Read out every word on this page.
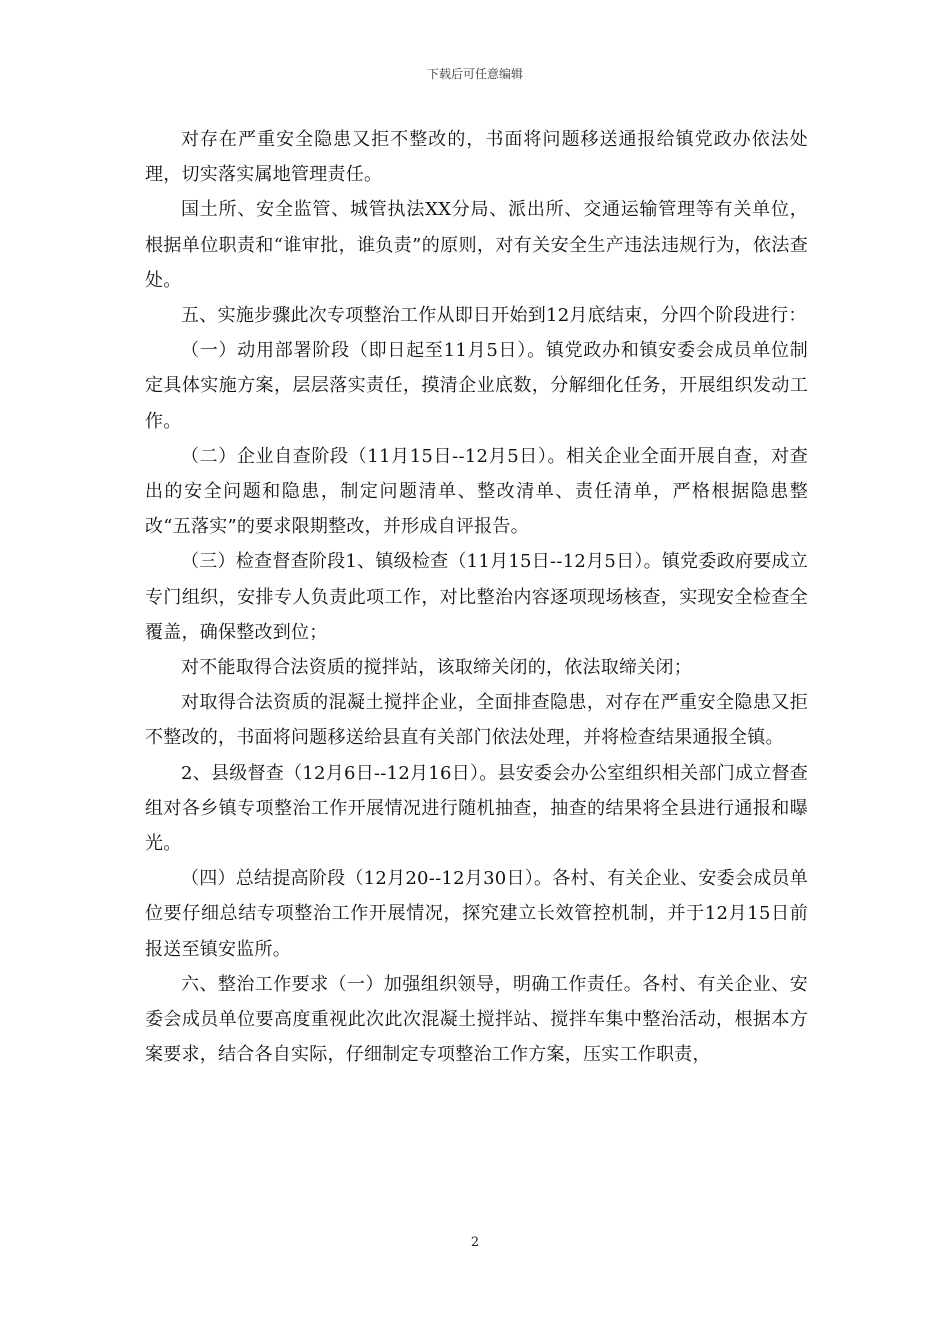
下载后可任意编辑

对存在严重安全隐患又拒不整改的，书面将问题移送通报给镇党政办依法处理，切实落实属地管理责任。

国土所、安全监管、城管执法XX分局、派出所、交通运输管理等有关单位，根据单位职责和“谁审批，谁负责”的原则，对有关安全生产违法违规行为，依法查处。

五、实施步骤此次专项整治工作从即日开始到12月底结束，分四个阶段进行：

（一）动用部署阶段（即日起至11月5日）。镇党政办和镇安委会成员单位制定具体实施方案，层层落实责任，摸清企业底数，分解细化任务，开展组织发动工作。

（二）企业自查阶段（11月15日--12月5日）。相关企业全面开展自查，对查出的安全问题和隐患，制定问题清单、整改清单、责任清单，严格根据隐患整改“五落实”的要求限期整改，并形成自评报告。

（三）检查督查阶段1、镇级检查（11月15日--12月5日）。镇党委政府要成立专门组织，安排专人负责此项工作，对比整治内容逐项现场核查，实现安全检查全覆盖，确保整改到位；

对不能取得合法资质的搅拌站，该取缔关闭的，依法取缔关闭；

对取得合法资质的混凝土搅拌企业，全面排查隐患，对存在严重安全隐患又拒不整改的，书面将问题移送给县直有关部门依法处理，并将检查结果通报全镇。

2、县级督查（12月6日--12月16日）。县安委会办公室组织相关部门成立督查组对各乡镇专项整治工作开展情况进行随机抽查，抽查的结果将全县进行通报和曝光。

（四）总结提高阶段（12月20--12月30日）。各村、有关企业、安委会成员单位要仔细总结专项整治工作开展情况，探究建立长效管控机制，并于12月15日前报送至镇安监所。

六、整治工作要求（一）加强组织领导，明确工作责任。各村、有关企业、安委会成员单位要高度重视此次此次混凝土搅拌站、搅拌车集中整治活动，根据本方案要求，结合各自实际，仔细制定专项整治工作方案，压实工作职责，

2
